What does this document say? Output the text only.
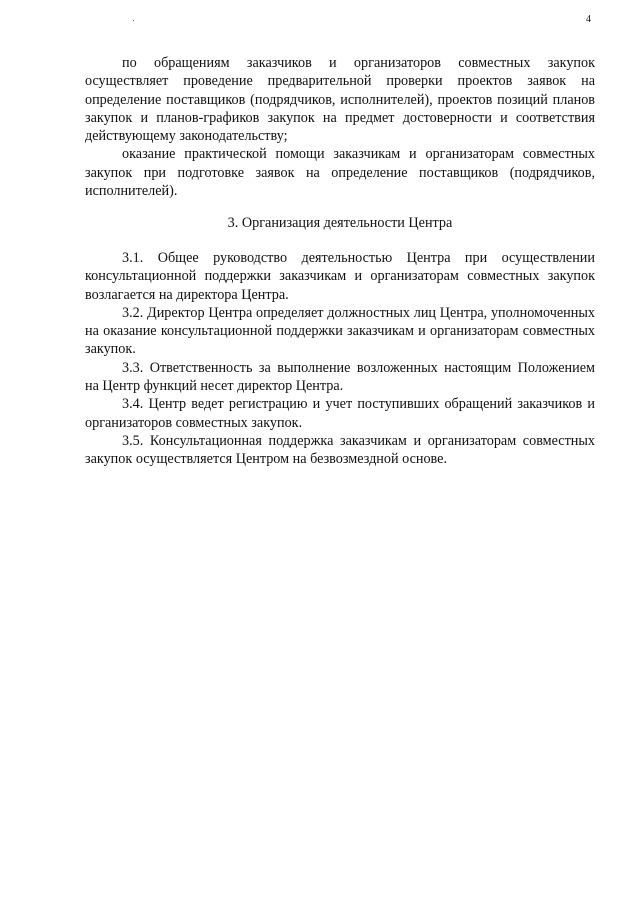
4

по обращениям заказчиков и организаторов совместных закупок осуществляет проведение предварительной проверки проектов заявок на определение поставщиков (подрядчиков, исполнителей), проектов позиций планов закупок и планов-графиков закупок на предмет достоверности и соответствия действующему законодательству;

оказание практической помощи заказчикам и организаторам совместных закупок при подготовке заявок на определение поставщиков (подрядчиков, исполнителей).

3. Организация деятельности Центра

3.1. Общее руководство деятельностью Центра при осуществлении консультационной поддержки заказчикам и организаторам совместных закупок возлагается на директора Центра.

3.2. Директор Центра определяет должностных лиц Центра, уполномоченных на оказание консультационной поддержки заказчикам и организаторам совместных закупок.

3.3. Ответственность за выполнение возложенных настоящим Положением на Центр функций несет директор Центра.

3.4. Центр ведет регистрацию и учет поступивших обращений заказчиков и организаторов совместных закупок.

3.5. Консультационная поддержка заказчикам и организаторам совместных закупок осуществляется Центром на безвозмездной основе.
